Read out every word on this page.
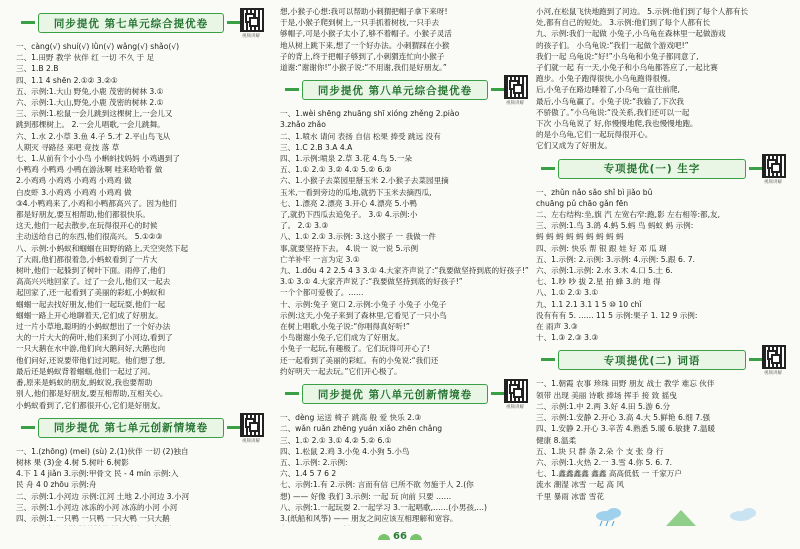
同步提优 第七单元综合提优卷
视频讲解
一、càng(√) shuí(√) lǜn(√) wǎng(√) shǎo(√)
二、1.田野 教学 伙伴 红 一切 不久 于 足
三、1.B 2.B
四、1.1 4 shēn 2.①② 3.②①
五、示例:1.大山 野兔,小鹿 茂密的树林 3.①
六、示例:1.大山,野兔,小鹿 茂密的树林 2.①
三、示例:1.松鼠一会儿跳到这棵树上,一会儿又
跳到那棵树上。 2.一会儿唱歌,一会儿跳舞。
六、1.水 2.小草 3.鱼 4.子 5.才 2.平山鸟飞从
人期灭 寻路径 来吧 竞技 落 草
七、1.从前有个小小鸟 小蝌蚪找妈妈 小鸡遇到了
小鸭鸡 小鸭鸡 小鸭在游泳啊 哇来哈哈着 做
2.小鸡鸡 小鸡鸡 小鸡鸡 小鸡鸡 做
白皮虾 3.小鸡鸡 小鸡鸡 小鸡鸡 做
③4.小鸭鸡来了,小鸡和小鸭都高兴了。因为他们
都是好朋友,要互相帮助,他们都很快乐。
这天,他们一起去散步,在玩得很开心的时候
主动送给自己的东西,他们很高兴。 5.①②③
八、示例:小蚂蚁和蝈蝈在田野的路上,天空突然下起
了大雨,他们都很着急,小蚂蚁看到了一片大
树叶,他们一起躲到了树叶下面。雨停了,他们
高高兴兴地回家了。过了一会儿,他们又一起去
起回家了,还一起看到了美丽的彩虹,小蚂蚁和
蝈蝈一起去找好朋友,他们一起玩耍,他们一起
蝈蝈一路上开心地聊着天,它们成了好朋友。
过一片小草地,聪明的小蚂蚁想出了一个好办法
大的一片大大的荷叶,他们来到了小河边,看到了
一只大鹅在水中游,他们向大鹅问好,大鹅也向
他们问好,还说要带他们过河呢。他们想了想,
最后还是蚂蚁背着蝈蝈,他们一起过了河。
番,原来是蚂蚁的朋友,蚂蚁说,我也要帮助
别人,他们都是好朋友,要互相帮助,互相关心。
小蚂蚁看到了,它们都很开心,它们是好朋友。
同步提优 第七单元创新情境卷
视频讲解
一、1.(zhōng) (mei) (sù) 2.(1)伙伴 一切 (2)独自
树林 果 (3)金 4.树 5.树叶 6.树影
4.下 1 4 jiǎn 3.示例:甲骨文 民 - 4 mín 示例:入
民 舟 4 0 zhōu 示例:舟
二、示例:1.小河边 示例:江河 土地 2.小河边 3.小河
三、示例:1.小河边 冰冻的小河 冰冻的小河 小河
四、示例:1.一只鸭 一只鸭 一只大鸭 一只大鹅
想,小猴子心想:我可以帮助小刺猬把帽子拿下来呀!
于是,小猴子爬到树上,一只手抓着树枝,一只手去
够帽子,可是小猴子太小了,够不着帽子。小猴子灵活
地从树上跳下来,想了一个好办法。小刺猬踩在小猴
子的背上,终于把帽子够到了,小刺猬连忙向小猴子
道谢:“谢谢你!”小猴子说:“不用谢,我们是好朋友。”
同步提优 第八单元综合提优卷
视频讲解
一、1.wèi shēng zhuāng shī xióng zhěng 2.piào
3.zhǎo zhǎo
二、1.喷水 请问 表扬 自信 松果 捧受 跳远 没有
三、1.C 2.B 3.A 4.A
四、1.示例:喷泉 2.草 3.花 4.鸟 5.一朵
五、1.① 2.① 3.② 4.① 5.② 6.②
六、1.小猴子去菜园里掰玉米 2.小猴子去菜园里摘
玉米,一看到旁边的瓜地,就扔下玉米去摘西瓜,
七、1.漂亮 2.漂亮 3.开心 4.漂亮 5.小鸭
了,就扔下西瓜去追兔子。 3.① 4.示例:小
了。 2.① 3.③
八、1.① 2.① 3.示例: 3.这小猴子 一 我做一件
事,就要坚持下去。 4.说一 说一说 5.示例
亡羊补牢 一言为定 3.①
九、1.dǒu 4 2 2.5 4 3 3.① 4.大家齐声说了:“我要做坚持到底的好孩子!”
3.① 3.① 4.大家齐声说了:“我要做坚持到底的好孩子!”
一个个都可爱极了。……
十、示例:兔子 宽口 2.示例:小兔子 小兔子 小兔子
示例:这天,小兔子来到了森林里,它看见了一只小鸟
在树上唱歌,小兔子说:“你唱得真好听!”
小鸟谢谢小兔子,它们成为了好朋友。
小兔子一起玩,有趣极了。它们玩得可开心了!
还一起看到了美丽的彩虹。有的小兔说:“我们还
约好明天一起去玩。”它们开心极了。
同步提优 第八单元创新情境卷
视频讲解
一、dèng 运送 椅子 跳高 般 爱 快乐 2.③
二、wǎn ruǎn zhēng yuán xiǎo zhēn chǎng
三、1.① 2.① 3.① 4.② 5.② 6.①
四、1.松鼠 2.鸡 3.小兔 4.小狗 5.小鸟
五、1.示例: 2.示例:
六、1.4 5 7 6 2
七、示例:1.有 2.示例: 言而有信 已所不欲 勿施于人 2.(你
想) —— 好像 我们 3.示例: 一起 玩 向前 只要 ……
八、示例:1.一起玩耍 2.一起学习 3.一起唱歌,……(小男孩,…)
3.(纸船和风筝) —— 朋友之间应该互相理解和宽容。
小河,在松鼠飞快地跑到了河边。 5.示例:他们到了每个人都有长
处,都有自己的短处。 3.示例:他们到了每个人都有长
九、示例:我们一起做 小兔子,小乌龟在森林里一起做游戏
的孩子们。 小乌龟说:“我们一起做个游戏吧!”
我们一起 乌龟说:“好!”小乌龟和小兔子都同意了,
子们就一起 有一天,小兔子和小乌龟都答应了,一起比赛
跑步。小兔子跑得很快,小乌龟跑得很慢。
后,小兔子在路边睡着了,小乌龟一直往前爬,
最后,小乌龟赢了。小兔子说:“我输了,下次我
不骄傲了。”小乌龟说:“没关系,我们还可以一起
下次 小乌龟说了 好,你慢慢地爬,我也慢慢地跑。
的是小乌龟,它们一起玩得很开心。
它们又成为了好朋友。
专项提优(一) 生字
视频讲解
一、zhǔn nǎo sǎo shǐ bì jiǎo bǔ
chuāng pǔ chāo gǎn fēn
二、左右结构:坐,旗 汽 左宽右窄:跑,影 左右相等:都,友,
三、示例:1.鸟 3.鸽 4.蚂 5.蚂 鸟 蚂蚁 蚂 示例:
蚂 蚂 蚂 蚂 蚂 蚂 蚂 蚂 蚂
四、示例: 快乐 帮 银 跟 娃 好 邓 瓜 瑚
五、1.示例: 2.示例: 3.示例: 4.示例: 5.跟 6. 7.
六、示例:1.示例: 2.水 3.木 4.口 5.土 6.
七、1.吵 吵 拔 2.星 拍 蜂 3.的 地 得
八、1.① 2.① 3.①
九、1.1 2.1 3.1 1 5 ⑩ 10 chǐ
没有有有 5. …… 11 5 示例:果子 1. 12 9 示例:
在 雨声 3.③
十、1.③ 2.③ 3.③
专项提优(二) 词语
视频讲解
一、1.朝霞 农事 珍珠 田野 朋友 战士 教学 难忘 伙伴
领带 出现 美丽 诗歌 捧场 挥手 接 致 摇曳
二、示例:1.中 2.两 3.好 4.田 5.游 6.分
三、示例:1.安静 2.开心 3.高 4.大 5.鲜艳 6.细 7.强
四、1.安静 2.开心 3.辛苦 4.熟悉 5.暖 6.敏捷 7.温暖
健康 8.温柔
五、1.块 只 群 条 2.朵 个 支 张 身 行
六、示例:1.火热 2.一 3.雪 4.你 5. 6. 7.
七、1.鑫鑫鑫鑫 鑫鑫 高高低低 一 千家万户
流水 潮湿 冰雪 一起 高 风
千里 暴雨 冰雷 雪花
66
